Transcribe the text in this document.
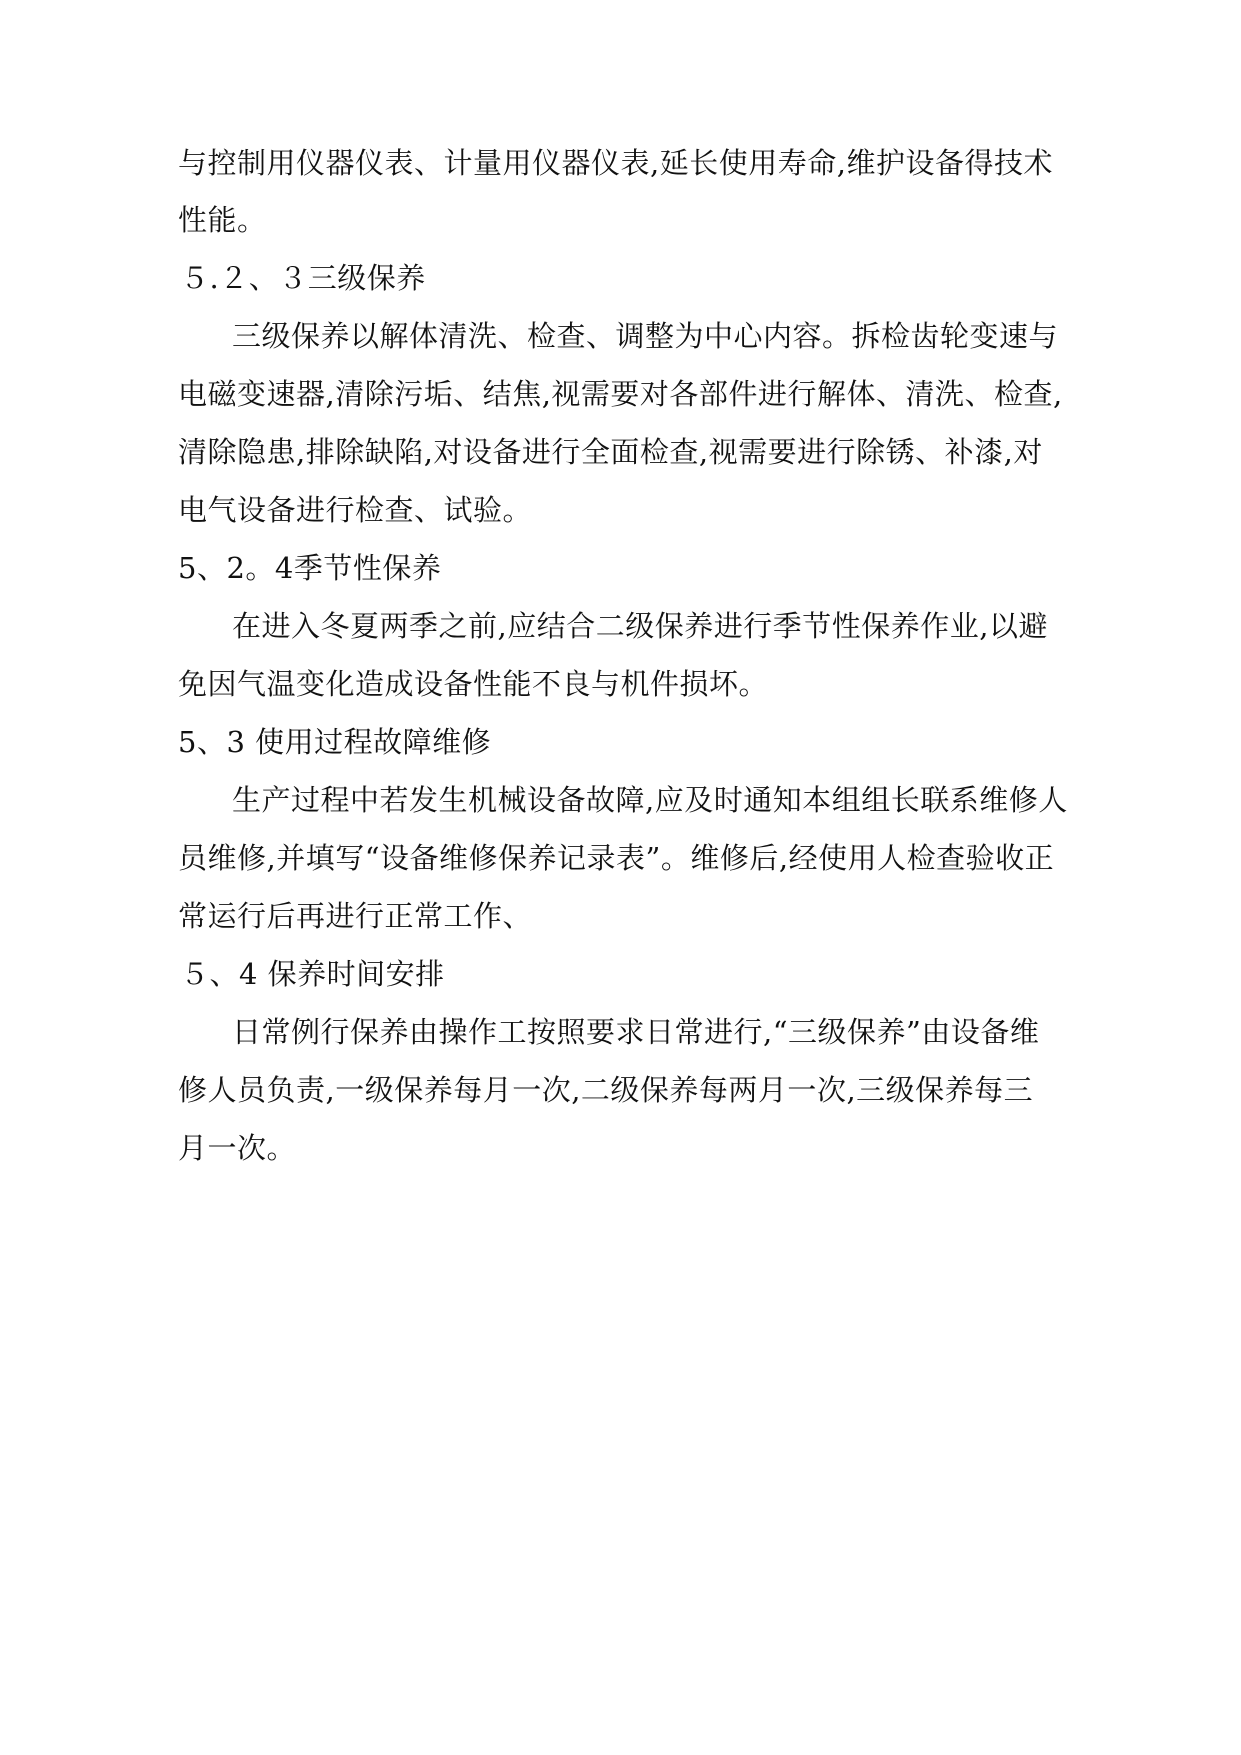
与控制用仪器仪表、计量用仪器仪表,延长使用寿命,维护设备得技术
性能。
５.２、３三级保养
三级保养以解体清洗、检查、调整为中心内容。拆检齿轮变速与
电磁变速器,清除污垢、结焦,视需要对各部件进行解体、清洗、检查,
清除隐患,排除缺陷,对设备进行全面检查,视需要进行除锈、补漆,对
电气设备进行检查、试验。
5、2。4季节性保养
在进入冬夏两季之前,应结合二级保养进行季节性保养作业,以避
免因气温变化造成设备性能不良与机件损坏。
5、3 使用过程故障维修
生产过程中若发生机械设备故障,应及时通知本组组长联系维修人
员维修,并填写“设备维修保养记录表”。维修后,经使用人检查验收正
常运行后再进行正常工作、
５、4 保养时间安排
日常例行保养由操作工按照要求日常进行,“三级保养”由设备维
修人员负责,一级保养每月一次,二级保养每两月一次,三级保养每三
月一次。
